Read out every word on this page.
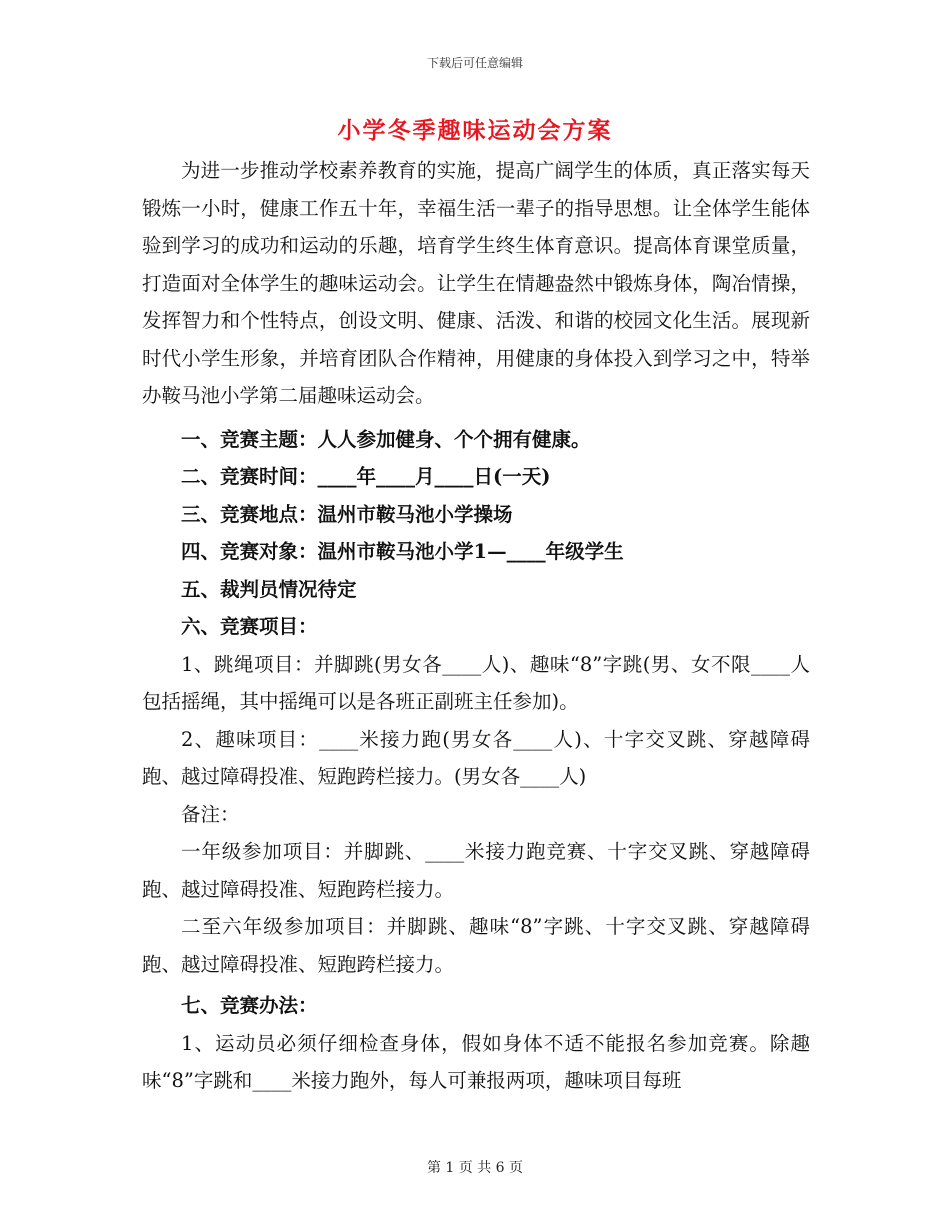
下载后可任意编辑
小学冬季趣味运动会方案

为进一步推动学校素养教育的实施，提高广阔学生的体质，真正落实每天锻炼一小时，健康工作五十年，幸福生活一辈子的指导思想。让全体学生能体验到学习的成功和运动的乐趣，培育学生终生体育意识。提高体育课堂质量，打造面对全体学生的趣味运动会。让学生在情趣盎然中锻炼身体，陶冶情操，发挥智力和个性特点，创设文明、健康、活泼、和谐的校园文化生活。展现新时代小学生形象，并培育团队合作精神，用健康的身体投入到学习之中，特举办鞍马池小学第二届趣味运动会。

一、竞赛主题：人人参加健身、个个拥有健康。

二、竞赛时间：____年____月____日(一天)

三、竞赛地点：温州市鞍马池小学操场

四、竞赛对象：温州市鞍马池小学1—____年级学生

五、裁判员情况待定

六、竞赛项目：

1、跳绳项目：并脚跳(男女各____人)、趣味“8”字跳(男、女不限____人包括摇绳，其中摇绳可以是各班正副班主任参加)。

2、趣味项目：____米接力跑(男女各____人)、十字交叉跳、穿越障碍跑、越过障碍投准、短跑跨栏接力。(男女各____人)

备注：

一年级参加项目：并脚跳、____米接力跑竞赛、十字交叉跳、穿越障碍跑、越过障碍投准、短跑跨栏接力。

二至六年级参加项目：并脚跳、趣味“8”字跳、十字交叉跳、穿越障碍跑、越过障碍投准、短跑跨栏接力。

七、竞赛办法：

1、运动员必须仔细检查身体，假如身体不适不能报名参加竞赛。除趣味“8”字跳和____米接力跑外，每人可兼报两项，趣味项目每班

第 1 页 共 6 页
